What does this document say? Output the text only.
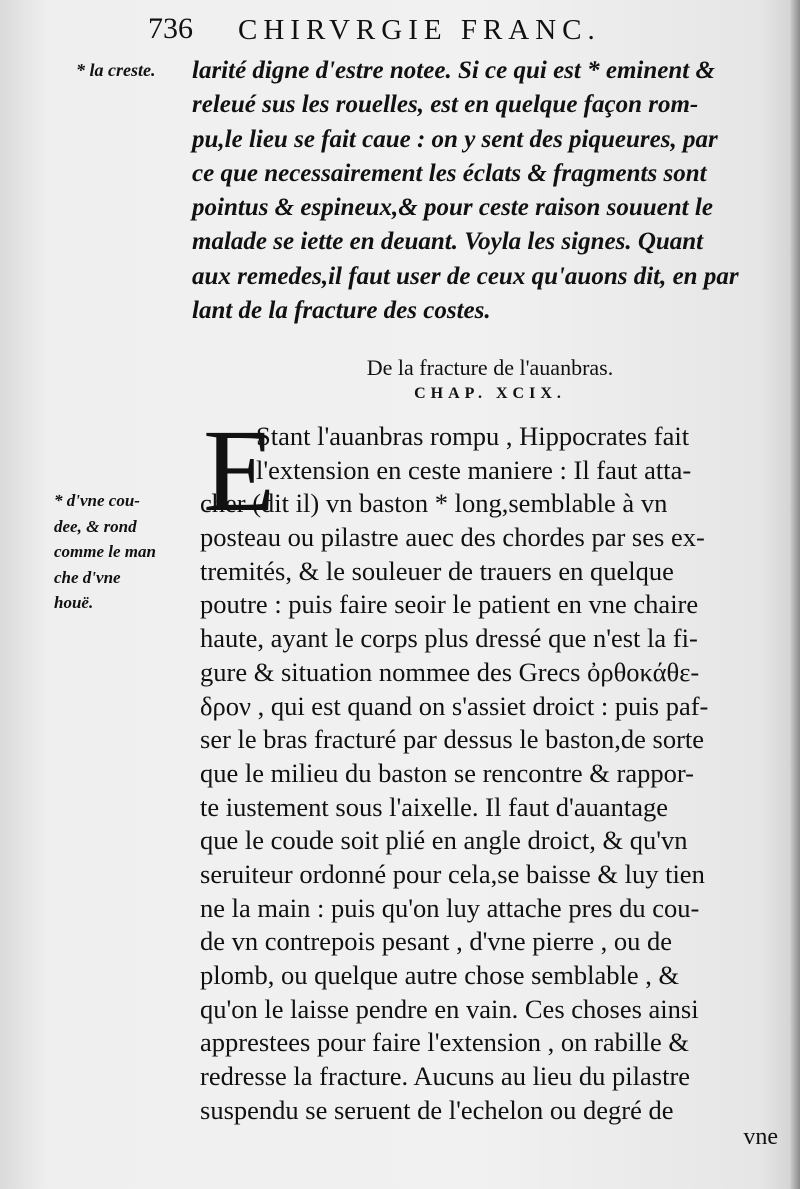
736 CHIRVRGIE FRANC.
* la creste. larité digne d'estre notee. Si ce qui est * eminent &
releué sus les rouelles, est en quelque façon rom-
pu,le lieu se fait caue : on y sent des piqueures, par
ce que necessairement les éclats & fragments sont
pointus & espineux,& pour ceste raison souuent le
malade se iette en deuant. Voyla les signes. Quant
aux remedes,il faut user de ceux qu'auons dit, en par
lant de la fracture des costes.
De la fracture de l'auanbras.
CHAP. XCIX.
E
Stant l'auanbras rompu , Hippocrates fait
l'extension en ceste maniere : Il faut atta-
cher (dit il) vn baston * long,semblable à vn
posteau ou pilastre auec des chordes par ses ex-
tremités, & le souleuer de trauers en quelque
poutre : puis faire seoir le patient en vne chaire
haute, ayant le corps plus dressé que n'est la fi-
gure & situation nommee des Grecs ὀρθοκάθε-
δρον , qui est quand on s'assiet droict : puis paf-
ser le bras fracturé par dessus le baston,de sorte
que le milieu du baston se rencontre & rappor-
te iustement sous l'aixelle. Il faut d'auantage
que le coude soit plié en angle droict, & qu'vn
seruiteur ordonné pour cela,se baisse & luy tien
ne la main : puis qu'on luy attache pres du cou-
de vn contrepois pesant , d'vne pierre , ou de
plomb, ou quelque autre chose semblable , &
qu'on le laisse pendre en vain. Ces choses ainsi
apprestees pour faire l'extension , on rabille &
redresse la fracture. Aucuns au lieu du pilastre
suspendu se seruent de l'echelon ou degré de
* d'vne cou-
dee, & rond
comme le man
che d'vne
houë.
vne
